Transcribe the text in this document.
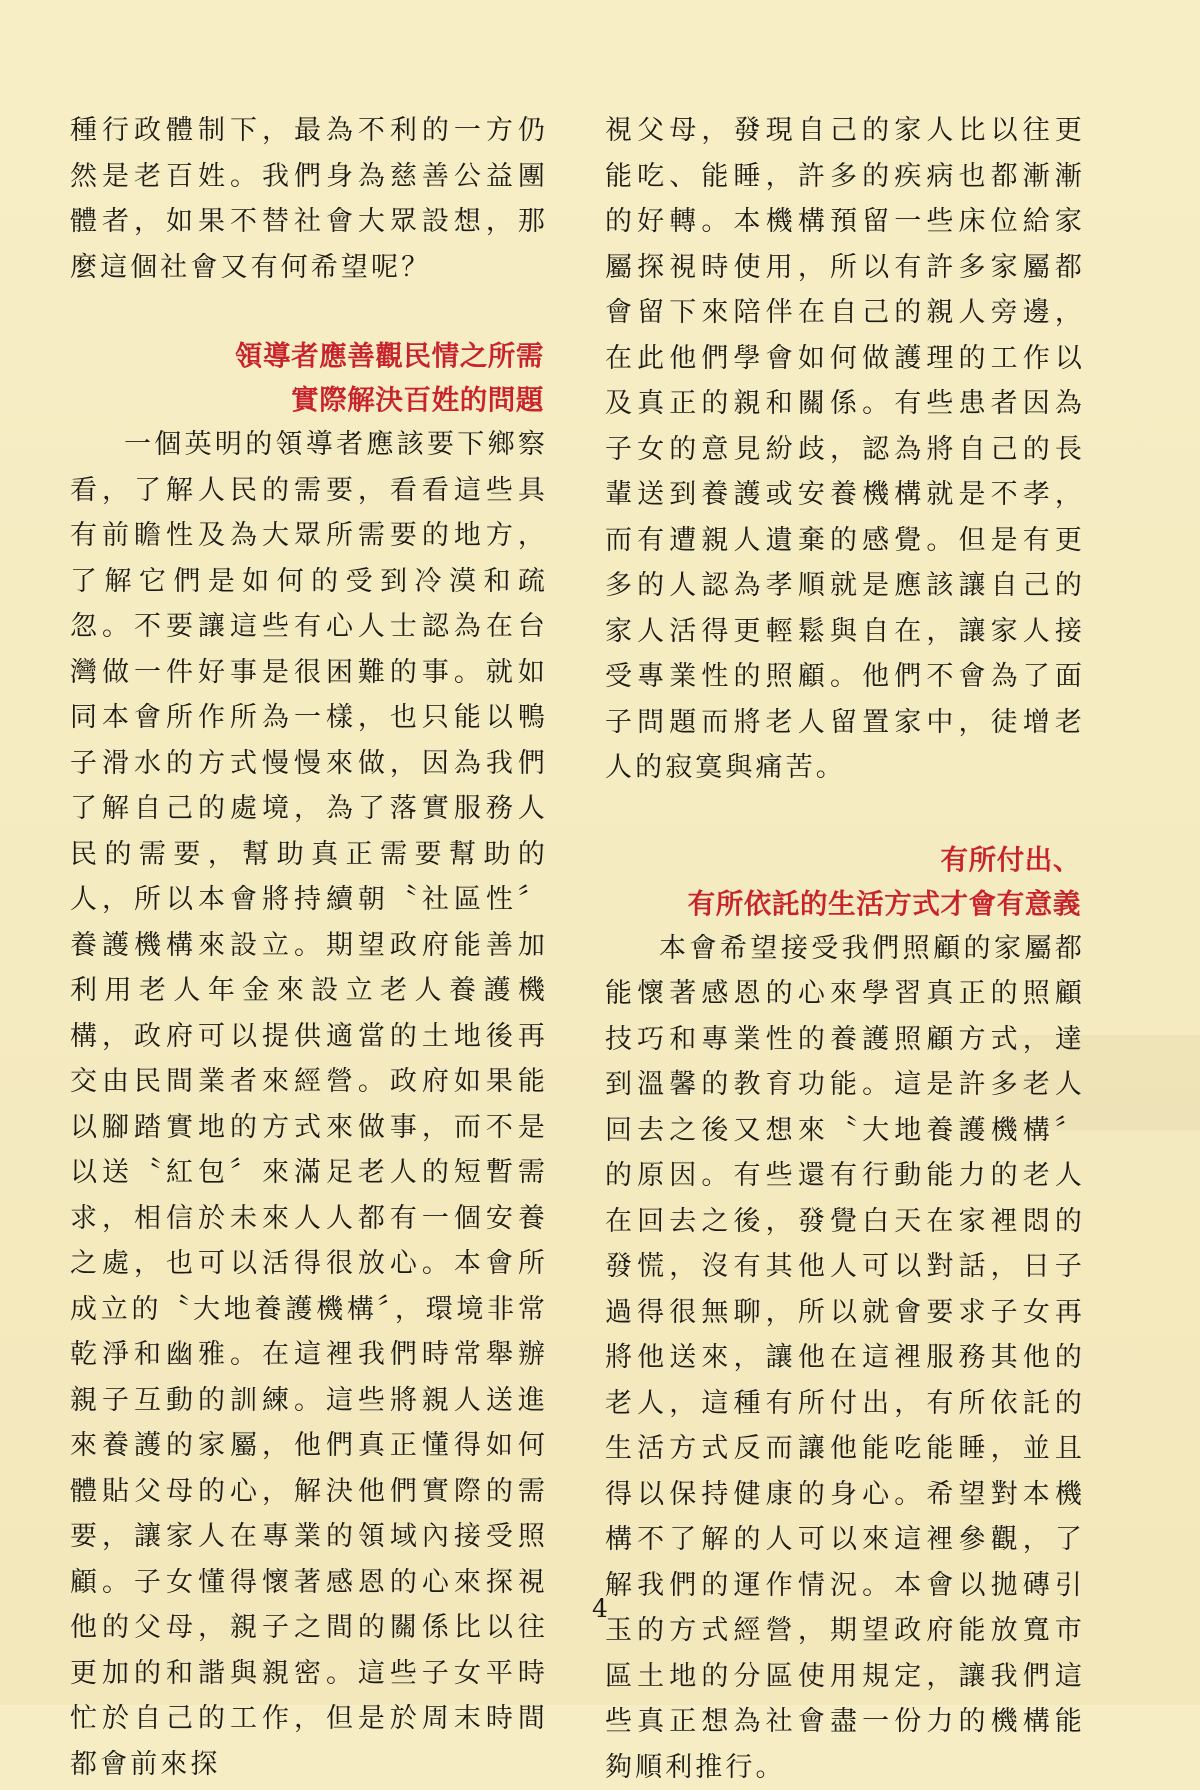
種行政體制下，最為不利的一方仍然是老百姓。我們身為慈善公益團體者，如果不替社會大眾設想，那麼這個社會又有何希望呢？

領導者應善觀民情之所需
實際解決百姓的問題

一個英明的領導者應該要下鄉察看，了解人民的需要，看看這些具有前瞻性及為大眾所需要的地方，了解它們是如何的受到冷漠和疏忽。不要讓這些有心人士認為在台灣做一件好事是很困難的事。就如同本會所作所為一樣，也只能以鴨子滑水的方式慢慢來做，因為我們了解自己的處境，為了落實服務人民的需要，幫助真正需要幫助的人，所以本會將持續朝〝社區性〞養護機構來設立。期望政府能善加利用老人年金來設立老人養護機構，政府可以提供適當的土地後再交由民間業者來經營。政府如果能以腳踏實地的方式來做事，而不是以送〝紅包〞來滿足老人的短暫需求，相信於未來人人都有一個安養之處，也可以活得很放心。本會所成立的〝大地養護機構〞，環境非常乾淨和幽雅。在這裡我們時常舉辦親子互動的訓練。這些將親人送進來養護的家屬，他們真正懂得如何體貼父母的心，解決他們實際的需要，讓家人在專業的領域內接受照顧。子女懂得懷著感恩的心來探視他的父母，親子之間的關係比以往更加的和諧與親密。這些子女平時忙於自己的工作，但是於周末時間都會前來探

視父母，發現自己的家人比以往更能吃、能睡，許多的疾病也都漸漸的好轉。本機構預留一些床位給家屬探視時使用，所以有許多家屬都會留下來陪伴在自己的親人旁邊，在此他們學會如何做護理的工作以及真正的親和關係。有些患者因為子女的意見紛歧，認為將自己的長輩送到養護或安養機構就是不孝，而有遭親人遺棄的感覺。但是有更多的人認為孝順就是應該讓自己的家人活得更輕鬆與自在，讓家人接受專業性的照顧。他們不會為了面子問題而將老人留置家中，徒增老人的寂寞與痛苦。

有所付出、
有所依託的生活方式才會有意義

本會希望接受我們照顧的家屬都能懷著感恩的心來學習真正的照顧技巧和專業性的養護照顧方式，達到溫馨的教育功能。這是許多老人回去之後又想來〝大地養護機構〞的原因。有些還有行動能力的老人在回去之後，發覺白天在家裡悶的發慌，沒有其他人可以對話，日子過得很無聊，所以就會要求子女再將他送來，讓他在這裡服務其他的老人，這種有所付出，有所依託的生活方式反而讓他能吃能睡，並且得以保持健康的身心。希望對本機構不了解的人可以來這裡參觀，了解我們的運作情況。本會以拋磚引玉的方式經營，期望政府能放寬市區土地的分區使用規定，讓我們這些真正想為社會盡一份力的機構能夠順利推行。

4
